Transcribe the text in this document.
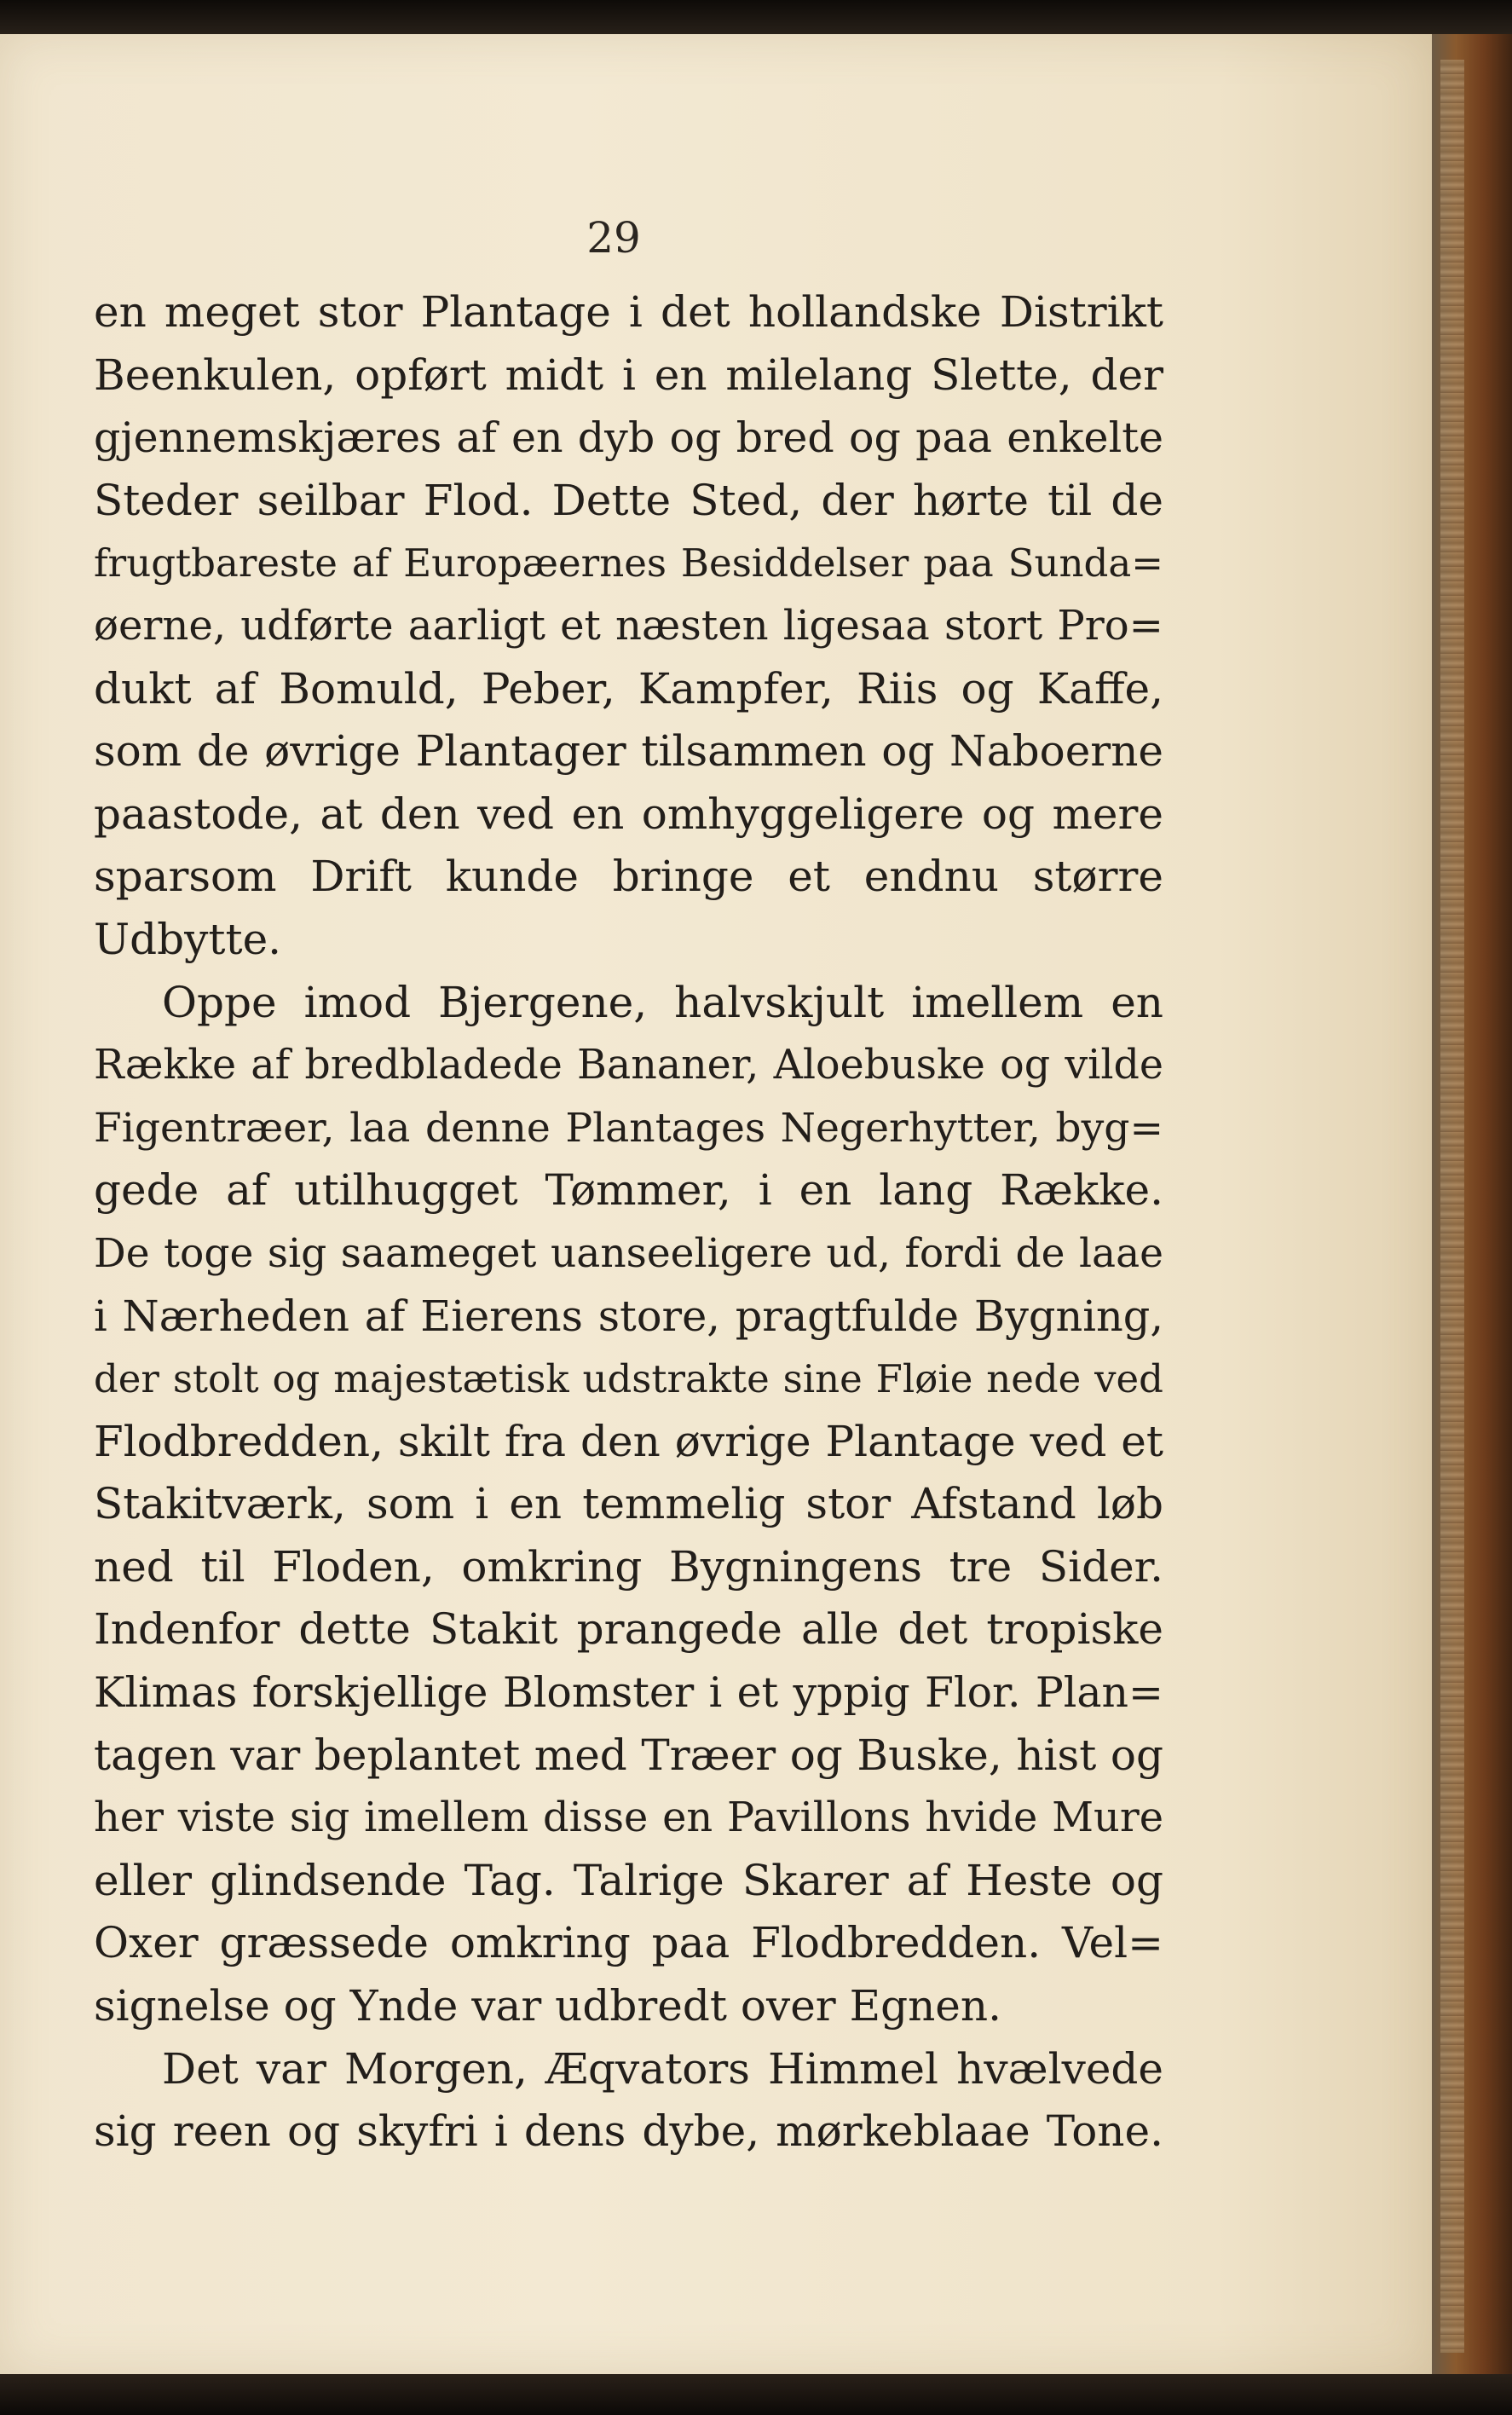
29

en meget stor Plantage i det hollandske Distrikt
Beenkulen, opført midt i en milelang Slette, der
gjennemskjæres af en dyb og bred og paa enkelte
Steder seilbar Flod. Dette Sted, der hørte til de
frugtbareste af Europæernes Besiddelser paa Sunda=
øerne, udførte aarligt et næsten ligesaa stort Pro=
dukt af Bomuld, Peber, Kampfer, Riis og Kaffe,
som de øvrige Plantager tilsammen og Naboerne
paastode, at den ved en omhyggeligere og mere
sparsom Drift kunde bringe et endnu større
Udbytte.
Oppe imod Bjergene, halvskjult imellem en
Række af bredbladede Bananer, Aloebuske og vilde
Figentræer, laa denne Plantages Negerhytter, byg=
gede af utilhugget Tømmer, i en lang Række.
De toge sig saameget uanseeligere ud, fordi de laae
i Nærheden af Eierens store, pragtfulde Bygning,
der stolt og majestætisk udstrakte sine Fløie nede ved
Flodbredden, skilt fra den øvrige Plantage ved et
Stakitværk, som i en temmelig stor Afstand løb
ned til Floden, omkring Bygningens tre Sider.
Indenfor dette Stakit prangede alle det tropiske
Klimas forskjellige Blomster i et yppig Flor. Plan=
tagen var beplantet med Træer og Buske, hist og
her viste sig imellem disse en Pavillons hvide Mure
eller glindsende Tag. Talrige Skarer af Heste og
Oxer græssede omkring paa Flodbredden. Vel=
signelse og Ynde var udbredt over Egnen.
Det var Morgen, Æqvators Himmel hvælvede
sig reen og skyfri i dens dybe, mørkeblaae Tone.
